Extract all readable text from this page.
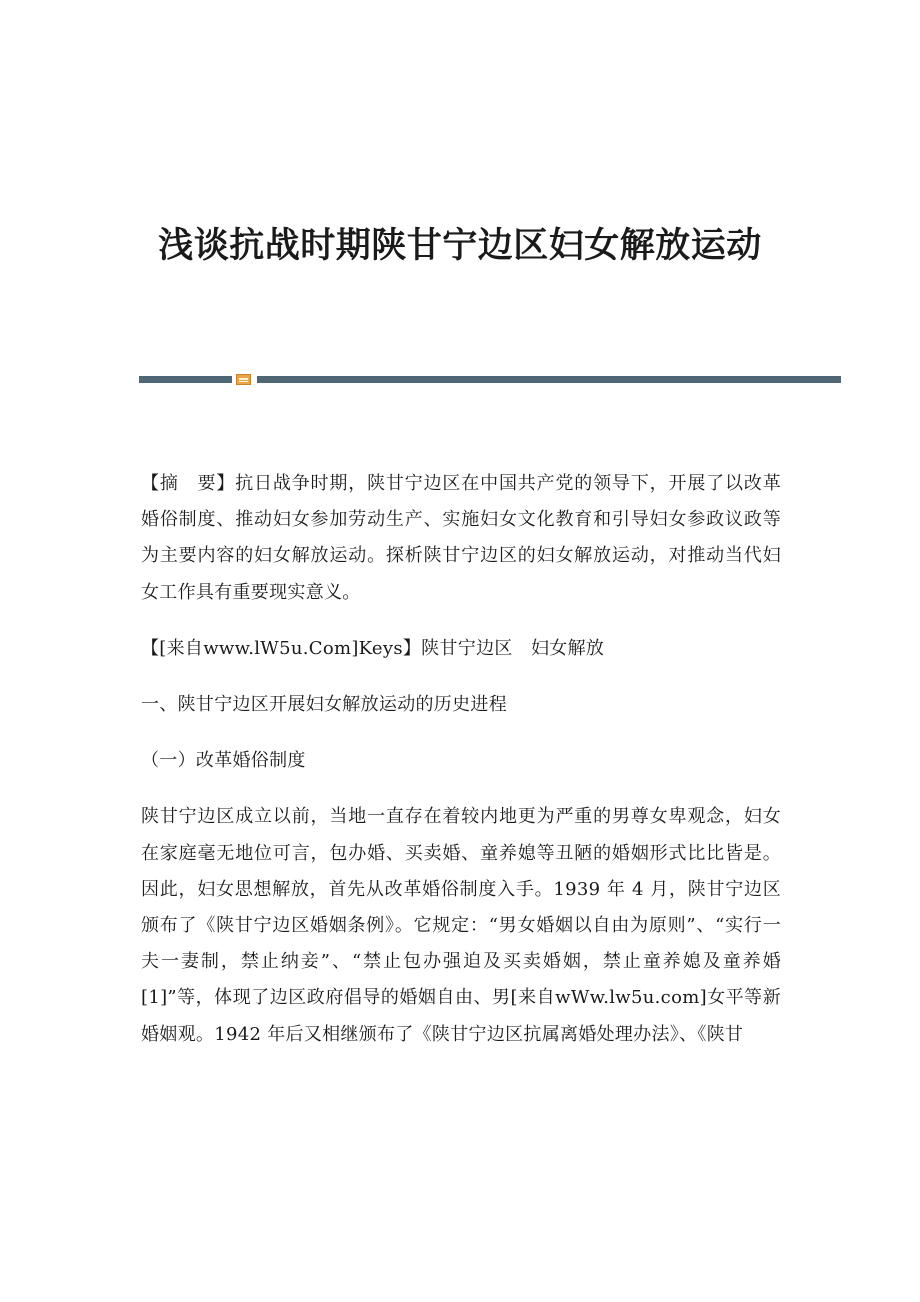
浅谈抗战时期陕甘宁边区妇女解放运动

【摘　要】抗日战争时期，陕甘宁边区在中国共产党的领导下，开展了以改革婚俗制度、推动妇女参加劳动生产、实施妇女文化教育和引导妇女参政议政等为主要内容的妇女解放运动。探析陕甘宁边区的妇女解放运动，对推动当代妇女工作具有重要现实意义。

【[来自www.lW5u.Com]Keys】陕甘宁边区　妇女解放

一、陕甘宁边区开展妇女解放运动的历史进程

（一）改革婚俗制度

陕甘宁边区成立以前，当地一直存在着较内地更为严重的男尊女卑观念，妇女在家庭毫无地位可言，包办婚、买卖婚、童养媳等丑陋的婚姻形式比比皆是。因此，妇女思想解放，首先从改革婚俗制度入手。1939 年 4 月，陕甘宁边区颁布了《陕甘宁边区婚姻条例》。它规定：“男女婚姻以自由为原则”、“实行一夫一妻制，禁止纳妾”、“禁止包办强迫及买卖婚姻，禁止童养媳及童养婚[1]”等，体现了边区政府倡导的婚姻自由、男[来自wWw.lw5u.com]女平等新婚姻观。1942 年后又相继颁布了《陕甘宁边区抗属离婚处理办法》、《陕甘
